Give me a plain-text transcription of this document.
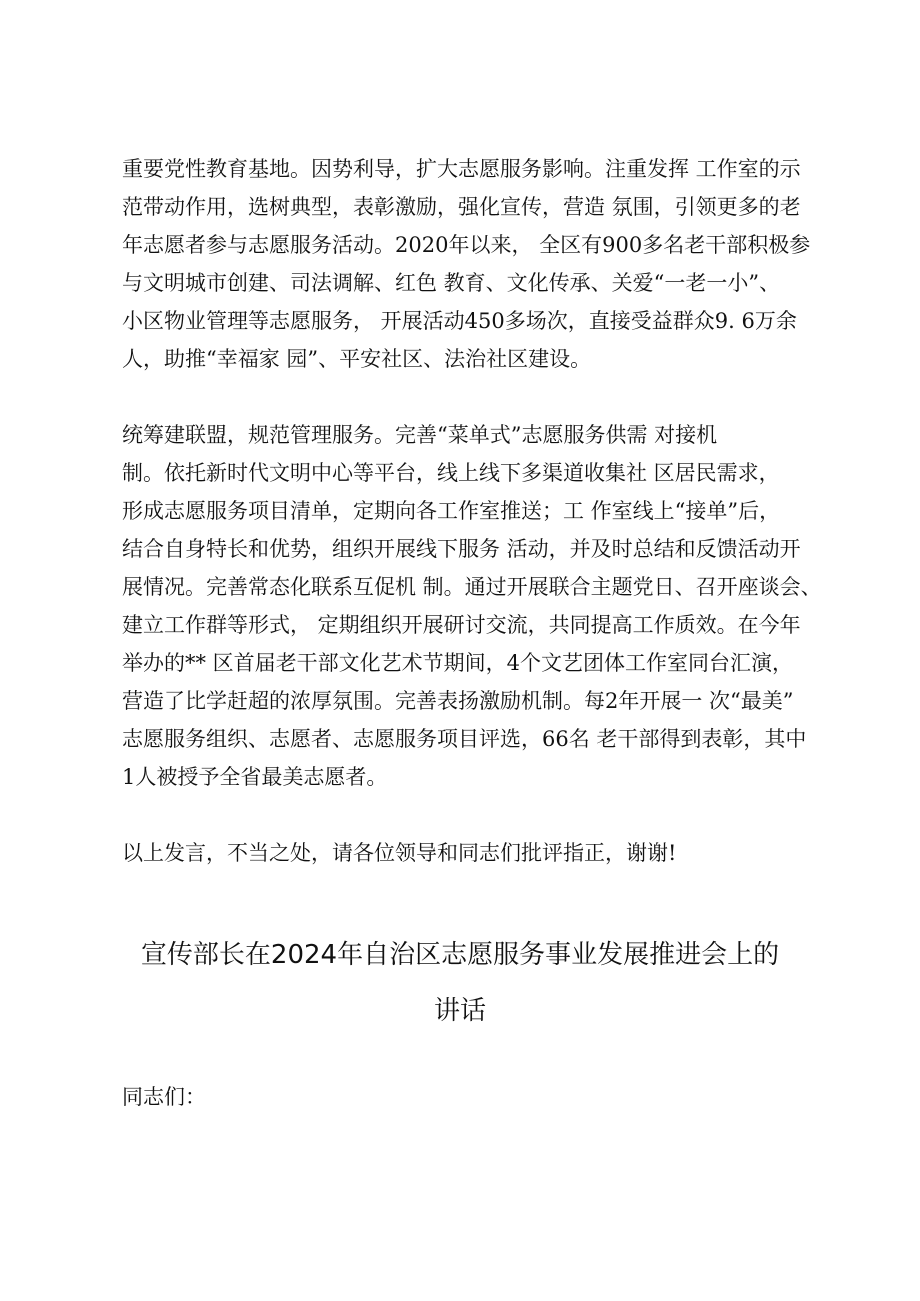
重要党性教育基地。因势利导，扩大志愿服务影响。注重发挥 工作室的示
范带动作用，选树典型，表彰激励，强化宣传，营造 氛围，引领更多的老
年志愿者参与志愿服务活动。2020年以来， 全区有900多名老干部积极参
与文明城市创建、司法调解、红色 教育、文化传承、关爱“一老一小”、
小区物业管理等志愿服务， 开展活动450多场次，直接受益群众9. 6万余
人，助推“幸福家 园”、平安社区、法治社区建设。
统筹建联盟，规范管理服务。完善“菜单式”志愿服务供需 对接机
制。依托新时代文明中心等平台，线上线下多渠道收集社 区居民需求，
形成志愿服务项目清单，定期向各工作室推送；工 作室线上“接单”后，
结合自身特长和优势，组织开展线下服务 活动，并及时总结和反馈活动开
展情况。完善常态化联系互促机 制。通过开展联合主题党日、召开座谈会、
建立工作群等形式， 定期组织开展研讨交流，共同提高工作质效。在今年
举办的** 区首届老干部文化艺术节期间，4个文艺团体工作室同台汇演，
营造了比学赶超的浓厚氛围。完善表扬激励机制。每2年开展一 次“最美”
志愿服务组织、志愿者、志愿服务项目评选，66名 老干部得到表彰，其中
1人被授予全省最美志愿者。
以上发言，不当之处，请各位领导和同志们批评指正，谢谢!
宣传部长在2024年自治区志愿服务事业发展推进会上的
讲话
同志们：
